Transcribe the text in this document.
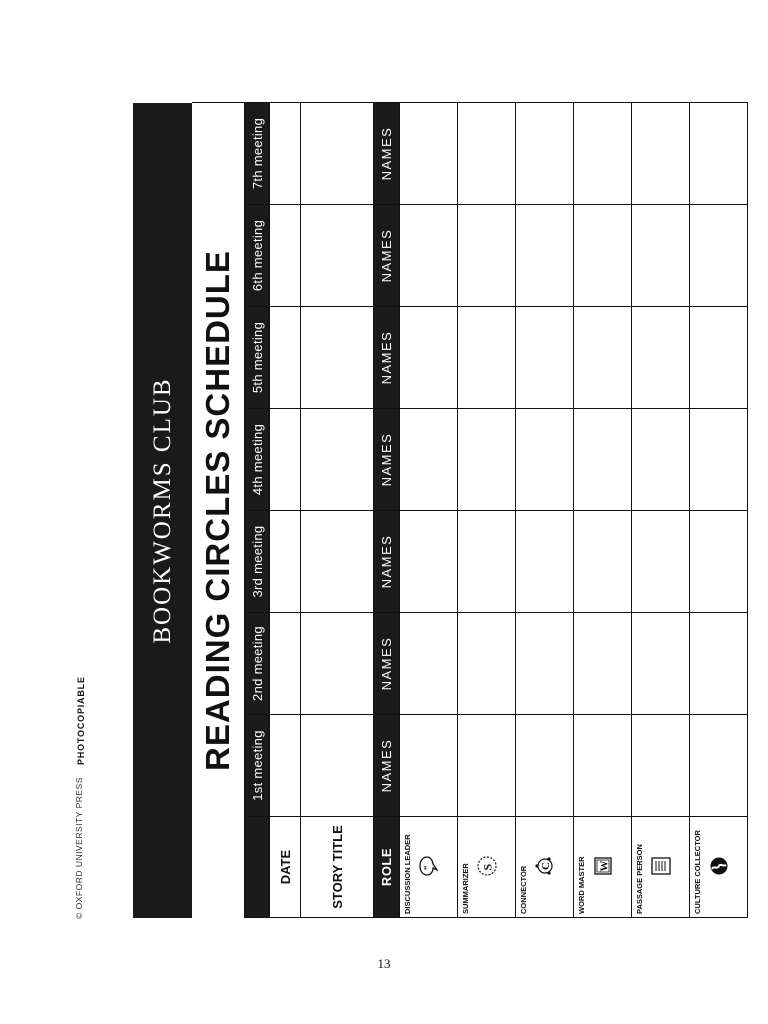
© OXFORD UNIVERSITY PRESS
PHOTOCOPIABLE
BOOKWORMS CLUB READING CIRCLES SCHEDULE
	1st meeting	2nd meeting	3rd meeting	4th meeting	5th meeting	6th meeting	7th meeting
DATE							
STORY TITLE							
ROLE	NAMES	NAMES	NAMES	NAMES	NAMES	NAMES	NAMES

DISCUSSION LEADER “							

SUMMARIZER S							

CONNECTOR C							

WORD MASTER W							

PASSAGE PERSON							

CULTURE COLLECTOR							

13
